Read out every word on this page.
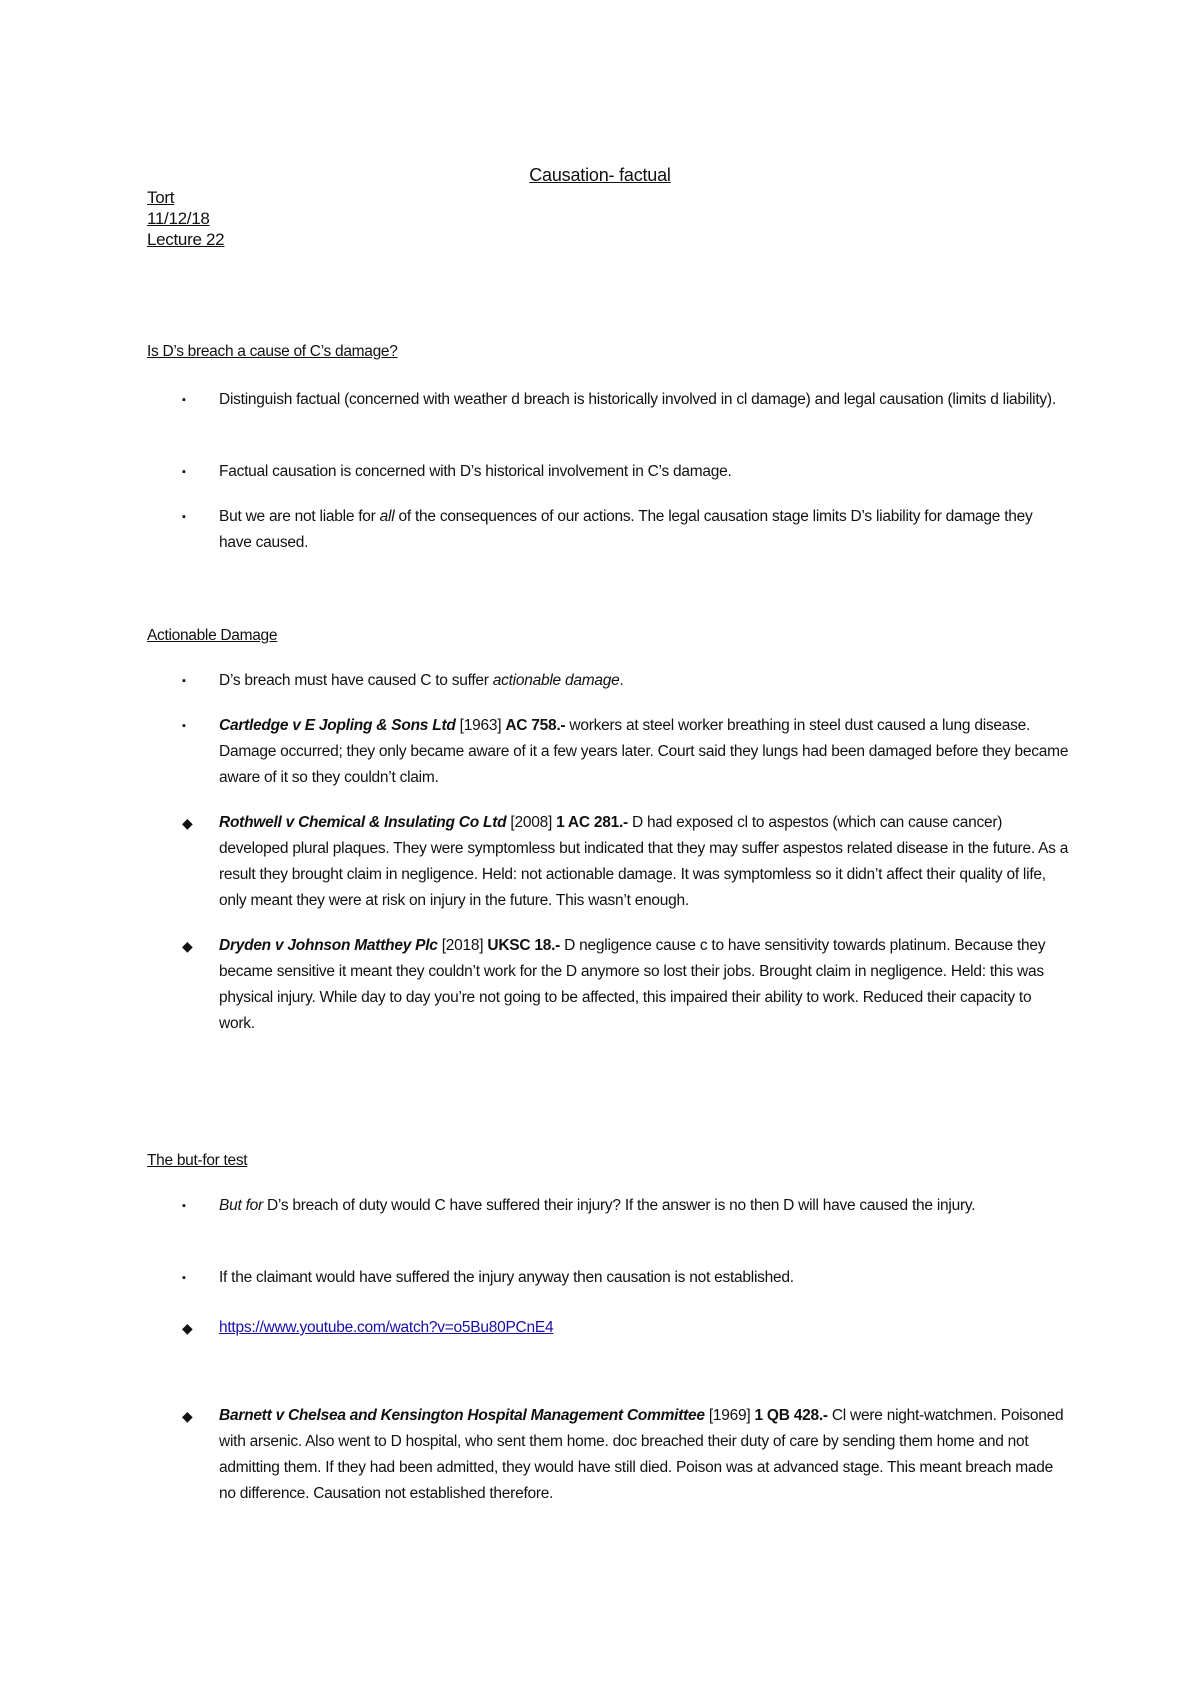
Causation- factual
Tort
11/12/18
Lecture 22
Is D’s breach a cause of C’s damage?
▪ Distinguish factual (concerned with weather d breach is historically involved in cl damage) and legal causation (limits d liability).
▪ Factual causation is concerned with D’s historical involvement in C’s damage.
▪ But we are not liable for all of the consequences of our actions. The legal causation stage limits D’s liability for damage they have caused.
Actionable Damage
▪ D’s breach must have caused C to suffer actionable damage.
▪ Cartledge v E Jopling & Sons Ltd [1963] AC 758.- workers at steel worker breathing in steel dust caused a lung disease. Damage occurred; they only became aware of it a few years later. Court said they lungs had been damaged before they became aware of it so they couldn’t claim.
◆ Rothwell v Chemical & Insulating Co Ltd [2008] 1 AC 281.- D had exposed cl to aspestos (which can cause cancer) developed plural plaques. They were symptomless but indicated that they may suffer aspestos related disease in the future. As a result they brought claim in negligence. Held: not actionable damage. It was symptomless so it didn’t affect their quality of life, only meant they were at risk on injury in the future. This wasn’t enough.
◆ Dryden v Johnson Matthey Plc [2018] UKSC 18.- D negligence cause c to have sensitivity towards platinum. Because they became sensitive it meant they couldn’t work for the D anymore so lost their jobs. Brought claim in negligence. Held: this was physical injury. While day to day you’re not going to be affected, this impaired their ability to work. Reduced their capacity to work.
The but-for test
▪ But for D’s breach of duty would C have suffered their injury? If the answer is no then D will have caused the injury.
▪ If the claimant would have suffered the injury anyway then causation is not established.
◆ https://www.youtube.com/watch?v=o5Bu80PCnE4
◆ Barnett v Chelsea and Kensington Hospital Management Committee [1969] 1 QB 428.- Cl were night-watchmen. Poisoned with arsenic. Also went to D hospital, who sent them home. doc breached their duty of care by sending them home and not admitting them. If they had been admitted, they would have still died. Poison was at advanced stage. This meant breach made no difference. Causation not established therefore.
